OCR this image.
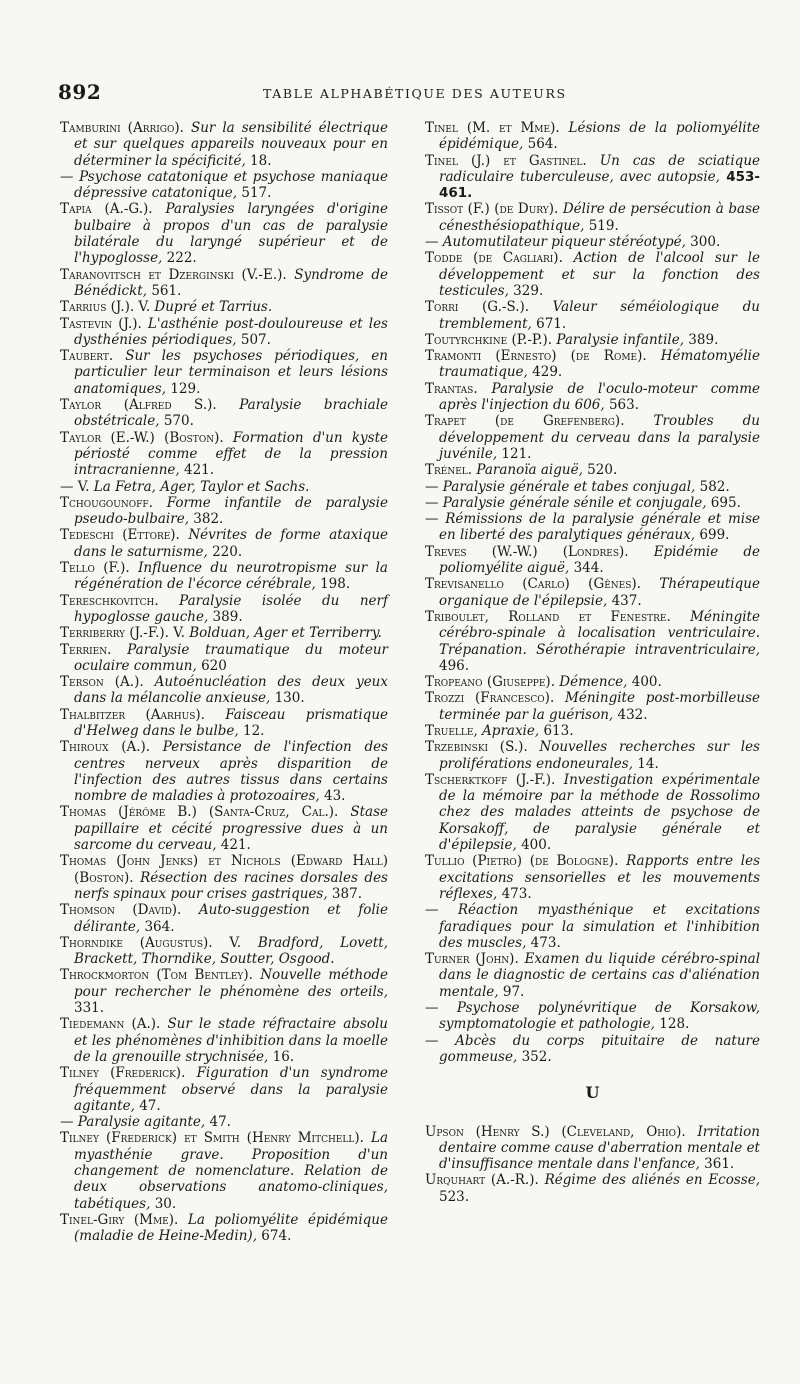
892	TABLE ALPHABÉTIQUE DES AUTEURS

Tamburini (Arrigo). Sur la sensibilité électrique et sur quelques appareils nouveaux pour en déterminer la spécificité, 18.

— Psychose catatonique et psychose maniaque dépressive catatonique, 517.

Tapia (A.-G.). Paralysies laryngées d'origine bulbaire à propos d'un cas de paralysie bilatérale du laryngé supérieur et de l'hypoglosse, 222.

Taranovitsch et Dzerginski (V.-E.). Syndrome de Bénédickt, 561.

Tarrius (J.). V. Dupré et Tarrius.

Tastevin (J.). L'asthénie post-douloureuse et les dysthénies périodiques, 507.

Taubert. Sur les psychoses périodiques, en particulier leur terminaison et leurs lésions anatomiques, 129.

Taylor (Alfred S.). Paralysie brachiale obstétricale, 570.

Taylor (E.-W.) (Boston). Formation d'un kyste périosté comme effet de la pression intracranienne, 421.

— V. La Fetra, Ager, Taylor et Sachs.

Tchougounoff. Forme infantile de paralysie pseudo-bulbaire, 382.

Tedeschi (Ettore). Névrites de forme ataxique dans le saturnisme, 220.

Tello (F.). Influence du neurotropisme sur la régénération de l'écorce cérébrale, 198.

Tereschkovitch. Paralysie isolée du nerf hypoglosse gauche, 389.

Terriberry (J.-F.). V. Bolduan, Ager et Terriberry.

Terrien. Paralysie traumatique du moteur oculaire commun, 620

Terson (A.). Autoénucléation des deux yeux dans la mélancolie anxieuse, 130.

Thalbitzer (Aarhus). Faisceau prismatique d'Helweg dans le bulbe, 12.

Thiroux (A.). Persistance de l'infection des centres nerveux après disparition de l'infection des autres tissus dans certains nombre de maladies à protozoaires, 43.

Thomas (Jérôme B.) (Santa-Cruz, Cal.). Stase papillaire et cécité progressive dues à un sarcome du cerveau, 421.

Thomas (John Jenks) et Nichols (Edward Hall) (Boston). Résection des racines dorsales des nerfs spinaux pour crises gastriques, 387.

Thomson (David). Auto-suggestion et folie délirante, 364.

Thorndike (Augustus). V. Bradford, Lovett, Brackett, Thorndike, Soutter, Osgood.

Throckmorton (Tom Bentley). Nouvelle méthode pour rechercher le phénomène des orteils, 331.

Tiedemann (A.). Sur le stade réfractaire absolu et les phénomènes d'inhibition dans la moelle de la grenouille strychnisée, 16.

Tilney (Frederick). Figuration d'un syndrome fréquemment observé dans la paralysie agitante, 47.

— Paralysie agitante, 47.

Tilney (Frederick) et Smith (Henry Mitchell). La myasthénie grave. Proposition d'un changement de nomenclature. Relation de deux observations anatomo-cliniques, tabétiques, 30.

Tinel-Giry (Mme). La poliomyélite épidémique (maladie de Heine-Medin), 674.

Tinel (M. et Mme). Lésions de la poliomyélite épidémique, 564.

Tinel (J.) et Gastinel. Un cas de sciatique radiculaire tuberculeuse, avec autopsie, 453-461.

Tissot (F.) (de Dury). Délire de persécution à base cénesthésiopathique, 519.

— Automutilateur piqueur stéréotypé, 300.

Todde (de Cagliari). Action de l'alcool sur le développement et sur la fonction des testicules, 329.

Torri (G.-S.). Valeur séméiologique du tremblement, 671.

Toutyrchkine (P.-P.). Paralysie infantile, 389.

Tramonti (Ernesto) (de Rome). Hématomyélie traumatique, 429.

Trantas. Paralysie de l'oculo-moteur comme après l'injection du 606, 563.

Trapet (de Grefenberg). Troubles du développement du cerveau dans la paralysie juvénile, 121.

Trénel. Paranoïa aiguë, 520.

— Paralysie générale et tabes conjugal, 582.

— Paralysie générale sénile et conjugale, 695.

— Rémissions de la paralysie générale et mise en liberté des paralytiques généraux, 699.

Treves (W.-W.) (Londres). Epidémie de poliomyélite aiguë, 344.

Trevisanello (Carlo) (Gênes). Thérapeutique organique de l'épilepsie, 437.

Triboulet, Rolland et Fenestre. Méningite cérébro-spinale à localisation ventriculaire. Trépanation. Sérothérapie intraventriculaire, 496.

Tropeano (Giuseppe). Démence, 400.

Trozzi (Francesco). Méningite post-morbilleuse terminée par la guérison, 432.

Truelle, Apraxie, 613.

Trzebinski (S.). Nouvelles recherches sur les proliférations endoneurales, 14.

Tscherktkoff (J.-F.). Investigation expérimentale de la mémoire par la méthode de Rossolimo chez des malades atteints de psychose de Korsakoff, de paralysie générale et d'épilepsie, 400.

Tullio (Pietro) (de Bologne). Rapports entre les excitations sensorielles et les mouvements réflexes, 473.

— Réaction myasthénique et excitations faradiques pour la simulation et l'inhibition des muscles, 473.

Turner (John). Examen du liquide cérébro-spinal dans le diagnostic de certains cas d'aliénation mentale, 97.

— Psychose polynévritique de Korsakow, symptomatologie et pathologie, 128.

— Abcès du corps pituitaire de nature gommeuse, 352.

U

Upson (Henry S.) (Cleveland, Ohio). Irritation dentaire comme cause d'aberration mentale et d'insuffisance mentale dans l'enfance, 361.

Urquhart (A.-R.). Régime des aliénés en Ecosse, 523.
